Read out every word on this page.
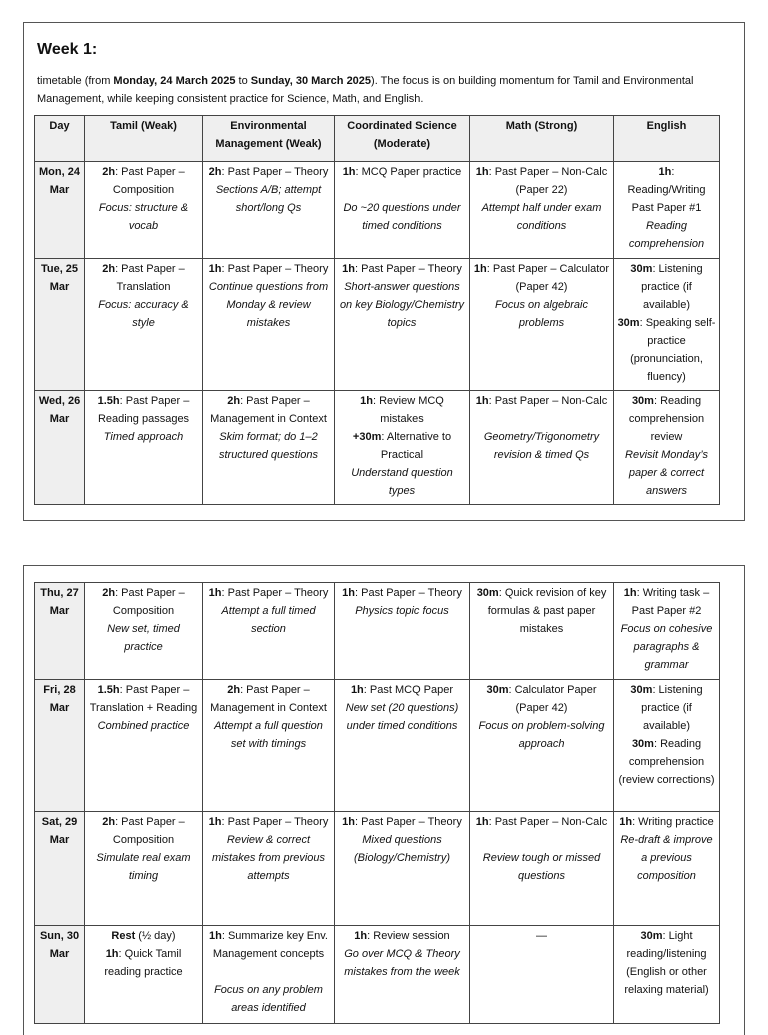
Week 1:

timetable (from Monday, 24 March 2025 to Sunday, 30 March 2025). The focus is on building momentum for Tamil and Environmental Management, while keeping consistent practice for Science, Math, and English.

Day	Tamil (Weak)	Environmental Management (Weak)	Coordinated Science (Moderate)	Math (Strong)	English
Mon, 24 Mar	2h: Past Paper – Composition
Focus: structure & vocab	2h: Past Paper – Theory
Sections A/B; attempt short/long Qs	1h: MCQ Paper practice
Do ~20 questions under timed conditions	1h: Past Paper – Non-Calc (Paper 22)
Attempt half under exam conditions	1h:
Reading/Writing Past Paper #1
Reading comprehension

Tue, 25 Mar	2h: Past Paper – Translation
Focus: accuracy & style	1h: Past Paper – Theory
Continue questions from Monday & review mistakes	1h: Past Paper – Theory
Short-answer questions on key Biology/Chemistry topics	1h: Past Paper – Calculator (Paper 42)
Focus on algebraic problems	30m: Listening practice (if available)
30m: Speaking self-practice (pronunciation, fluency)

Wed, 26 Mar	1.5h: Past Paper – Reading passages
Timed approach	2h: Past Paper – Management in Context
Skim format; do 1–2 structured questions	1h: Review MCQ mistakes
+30m: Alternative to Practical
Understand question types	1h: Past Paper – Non-Calc
Geometry/Trigonometry revision & timed Qs	30m: Reading comprehension review
Revisit Monday’s paper & correct answers
Thu, 27 Mar	2h: Past Paper – Composition
New set, timed practice	1h: Past Paper – Theory
Attempt a full timed section	1h: Past Paper – Theory
Physics topic focus	30m: Quick revision of key formulas & past paper mistakes	1h: Writing task – Past Paper #2
Focus on cohesive paragraphs & grammar

Fri, 28 Mar	1.5h: Past Paper – Translation + Reading
Combined practice	2h: Past Paper – Management in Context
Attempt a full question set with timings	1h: Past MCQ Paper
New set (20 questions) under timed conditions	30m: Calculator Paper (Paper 42)
Focus on problem-solving approach	30m: Listening practice (if available)
30m: Reading comprehension (review corrections)

Sat, 29 Mar	2h: Past Paper – Composition
Simulate real exam timing	1h: Past Paper – Theory
Review & correct mistakes from previous attempts	1h: Past Paper – Theory
Mixed questions (Biology/Chemistry)	1h: Past Paper – Non-Calc
Review tough or missed questions	1h: Writing practice
Re-draft & improve a previous composition

Sun, 30 Mar	Rest (½ day)
1h: Quick Tamil reading practice	1h: Summarize key Env. Management concepts
Focus on any problem areas identified	1h: Review session
Go over MCQ & Theory mistakes from the week	—	30m: Light reading/listening (English or other relaxing material)
